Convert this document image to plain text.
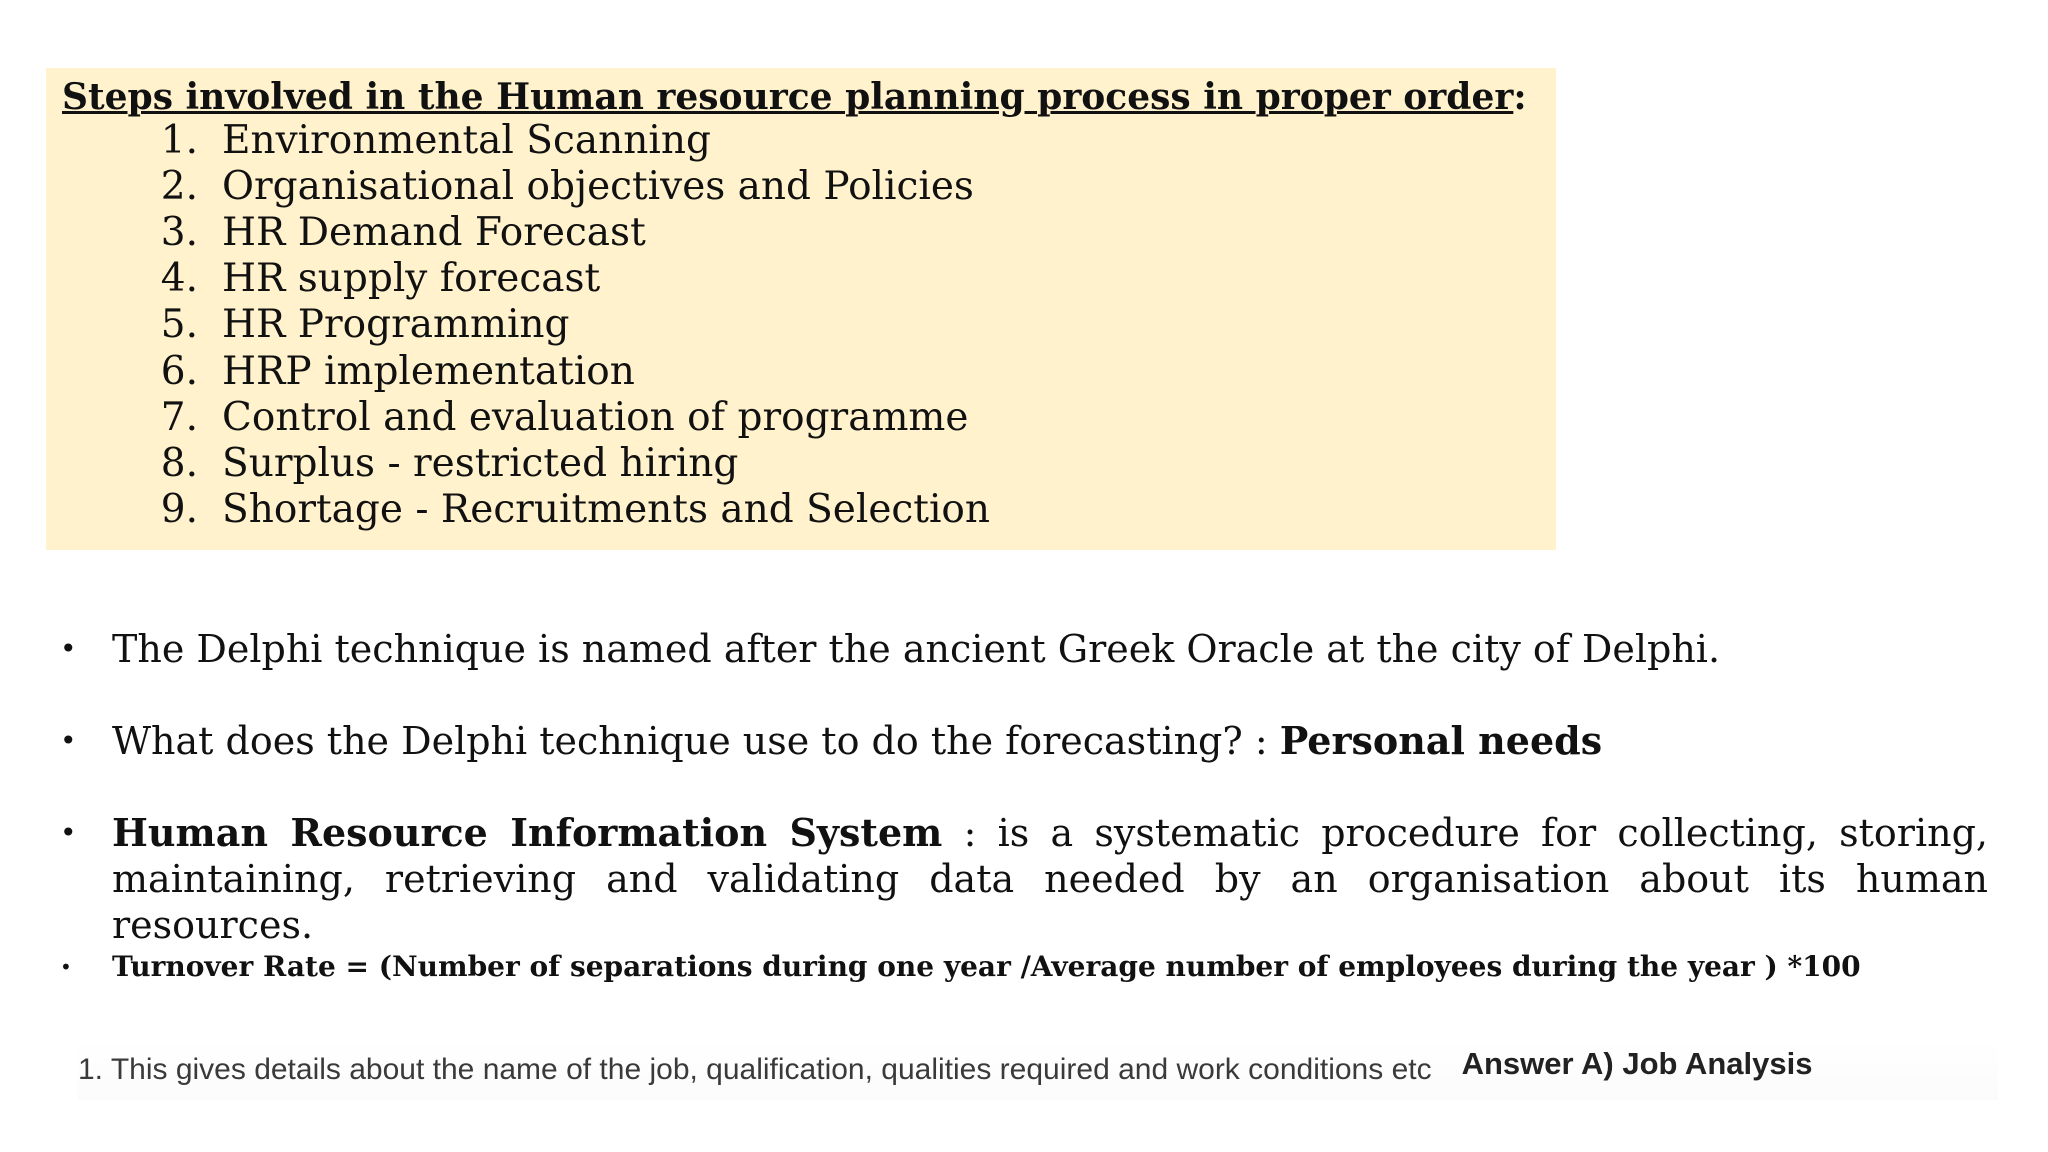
Steps involved in the Human resource planning process in proper order:

1. Environmental Scanning
2. Organisational objectives and Policies
3. HR Demand Forecast
4. HR supply forecast
5. HR Programming
6. HRP implementation
7. Control and evaluation of programme
8. Surplus - restricted hiring
9. Shortage - Recruitments and Selection
• The Delphi technique is named after the ancient Greek Oracle at the city of Delphi.
• What does the Delphi technique use to do the forecasting? : Personal needs
• Human Resource Information System : is a systematic procedure for collecting, storing, maintaining, retrieving and validating data needed by an organisation about its human resources.
•	Turnover Rate = (Number of separations during one year /Average number of employees during the year ) *100
1. This gives details about the name of the job, qualification, qualities required and work conditions etc Answer A) Job Analysis
